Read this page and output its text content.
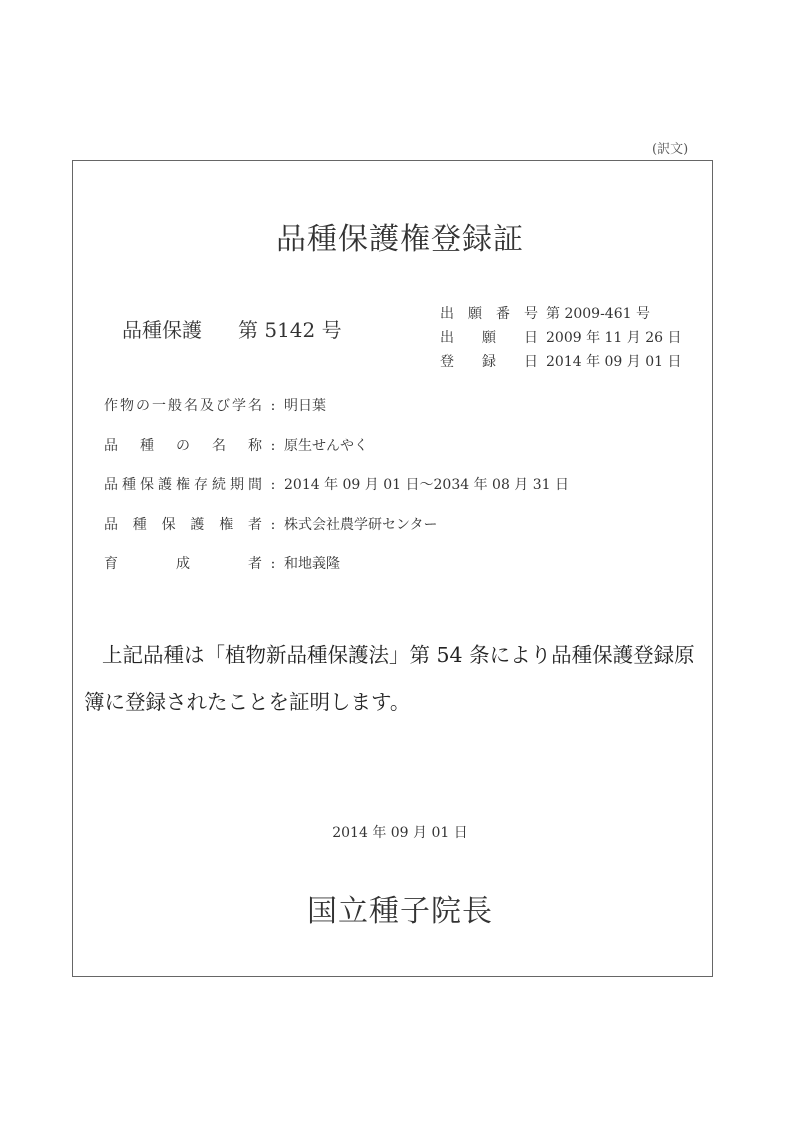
(訳文)
品種保護権登録証
品種保護 第 5142 号
出願番号 第 2009-461 号
出願日 2009 年 11 月 26 日
登録日 2014 年 09 月 01 日
作物の一般名及び学名 : 明日葉
品種の名称 : 原生せんやく
品種保護権存続期間 : 2014 年 09 月 01 日～2034 年 08 月 31 日
品種保護権者 : 株式会社農学研センター
育成者 : 和地義隆
上記品種は「植物新品種保護法」第 54 条により品種保護登録原簿に登録されたことを証明します。
2014 年 09 月 01 日
国立種子院長
